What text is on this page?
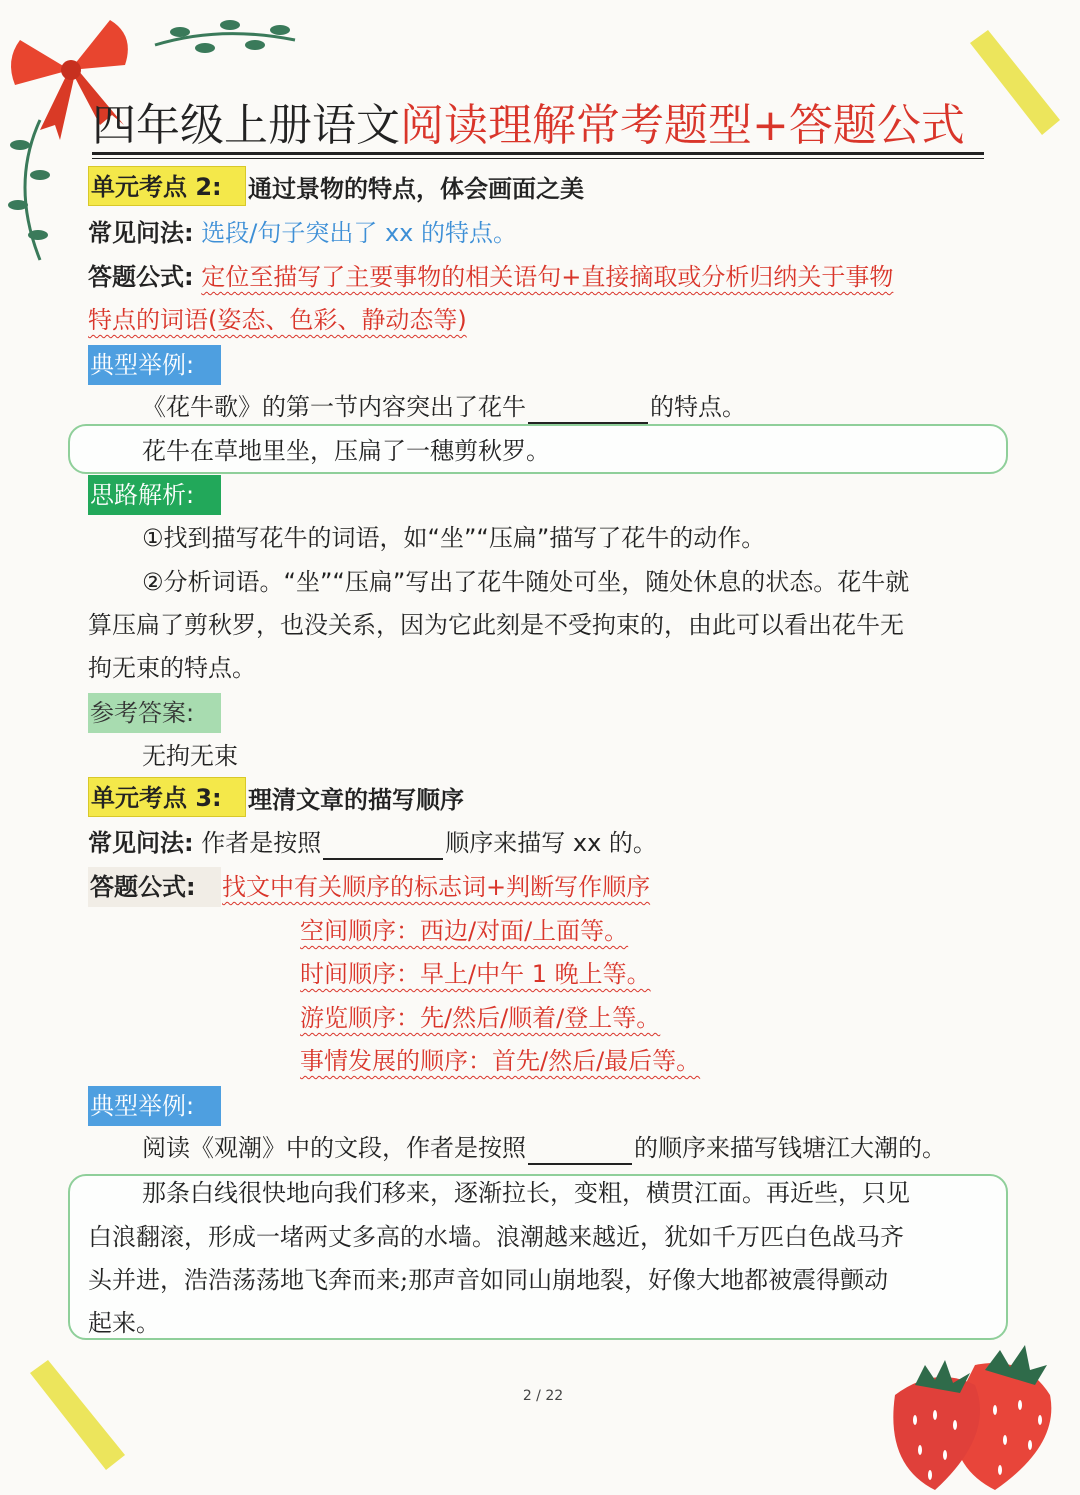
四年级上册语文阅读理解常考题型+答题公式
单元考点 2:	通过景物的特点，体会画面之美
常见问法: 选段/句子突出了 xx 的特点。
答题公式: 定位至描写了主要事物的相关语句+直接摘取或分析归纳关于事物
特点的词语(姿态、色彩、静动态等)
典型举例:
《花牛歌》的第一节内容突出了花牛	的特点。
花牛在草地里坐，压扁了一穗剪秋罗。
思路解析:
①找到描写花牛的词语，如“坐”“压扁”描写了花牛的动作。
②分析词语。“坐”“压扁”写出了花牛随处可坐，随处休息的状态。花牛就
算压扁了剪秋罗，也没关系，因为它此刻是不受拘束的，由此可以看出花牛无
拘无束的特点。
参考答案:
无拘无束
单元考点 3:	理清文章的描写顺序
常见问法: 作者是按照	顺序来描写 xx 的。
答题公式:	找文中有关顺序的标志词+判断写作顺序
空间顺序：西边/对面/上面等。
时间顺序：早上/中午 1 晚上等。
游览顺序：先/然后/顺着/登上等。
事情发展的顺序：首先/然后/最后等。
典型举例:
阅读《观潮》中的文段，作者是按照	的顺序来描写钱塘江大潮的。
那条白线很快地向我们移来，逐渐拉长，变粗，横贯江面。再近些，只见
白浪翻滚，形成一堵两丈多高的水墙。浪潮越来越近，犹如千万匹白色战马齐
头并进，浩浩荡荡地飞奔而来;那声音如同山崩地裂，好像大地都被震得颤动
起来。
2 / 22
